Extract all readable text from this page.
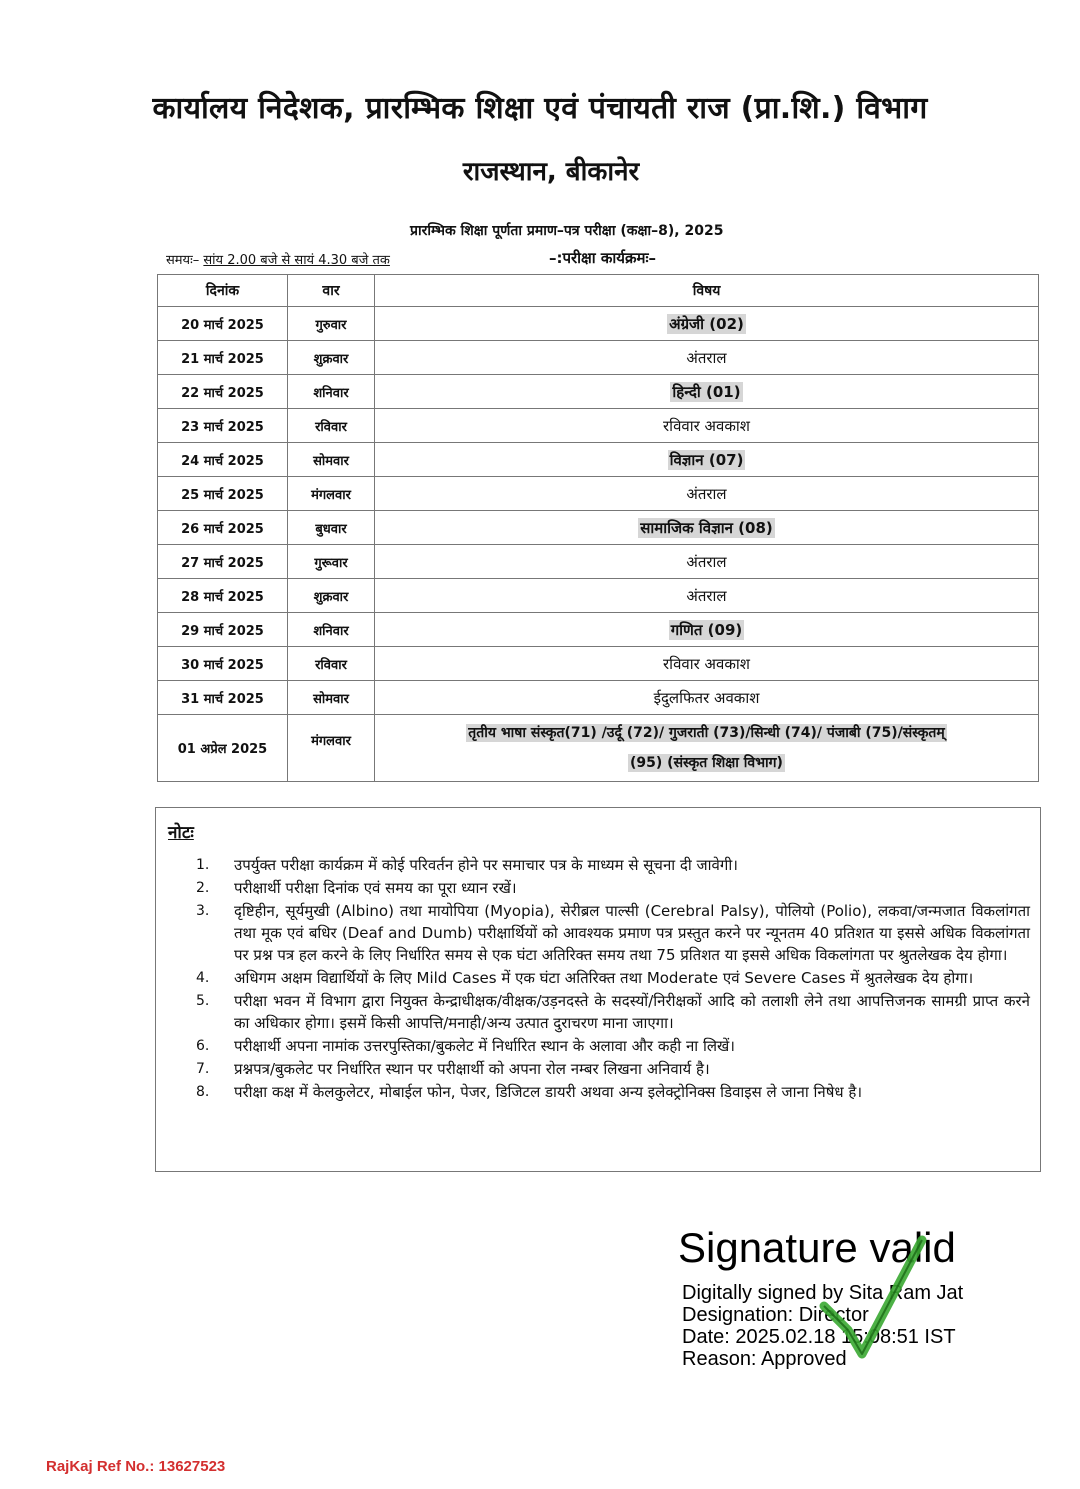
कार्यालय निदेशक, प्रारम्भिक शिक्षा एवं पंचायती राज (प्रा.शि.) विभाग
राजस्थान, बीकानेर
प्रारम्भिक शिक्षा पूर्णता प्रमाण–पत्र परीक्षा (कक्षा–8), 2025
समयः– सांय 2.00 बजे से सायं 4.30 बजे तक	–:परीक्षा कार्यक्रमः–
दिनांक	वार	विषय
20 मार्च 2025	गुरुवार	अंग्रेजी (02)
21 मार्च 2025	शुक्रवार	अंतराल
22 मार्च 2025	शनिवार	हिन्दी (01)
23 मार्च 2025	रविवार	रविवार अवकाश
24 मार्च 2025	सोमवार	विज्ञान (07)
25 मार्च 2025	मंगलवार	अंतराल
26 मार्च 2025	बुधवार	सामाजिक विज्ञान (08)
27 मार्च 2025	गुरूवार	अंतराल
28 मार्च 2025	शुक्रवार	अंतराल
29 मार्च 2025	शनिवार	गणित (09)
30 मार्च 2025	रविवार	रविवार अवकाश
31 मार्च 2025	सोमवार	ईदुलफितर अवकाश
01 अप्रेल 2025	मंगलवार	तृतीय भाषा संस्कृत(71) /उर्दू (72)/ गुजराती (73)/सिन्धी (74)/ पंजाबी (75)/संस्कृतम्
(95) (संस्कृत शिक्षा विभाग)
नोटः
1.	उपर्युक्त परीक्षा कार्यक्रम में कोई परिवर्तन होने पर समाचार पत्र के माध्यम से सूचना दी जावेगी।
2.	परीक्षार्थी परीक्षा दिनांक एवं समय का पूरा ध्यान रखें।
3.	दृष्टिहीन, सूर्यमुखी (Albino) तथा मायोपिया (Myopia), सेरीब्रल पाल्सी (Cerebral Palsy), पोलियो (Polio), लकवा/जन्मजात विकलांगता तथा मूक एवं बधिर (Deaf and Dumb) परीक्षार्थियों को आवश्यक प्रमाण पत्र प्रस्तुत करने पर न्यूनतम 40 प्रतिशत या इससे अधिक विकलांगता पर प्रश्न पत्र हल करने के लिए निर्धारित समय से एक घंटा अतिरिक्त समय तथा 75 प्रतिशत या इससे अधिक विकलांगता पर श्रुतलेखक देय होगा।
4.	अधिगम अक्षम विद्यार्थियों के लिए Mild Cases में एक घंटा अतिरिक्त तथा Moderate एवं Severe Cases में श्रुतलेखक देय होगा।
5.	परीक्षा भवन में विभाग द्वारा नियुक्त केन्द्राधीक्षक/वीक्षक/उड़नदस्ते के सदस्यों/निरीक्षकों आदि को तलाशी लेने तथा आपत्तिजनक सामग्री प्राप्त करने का अधिकार होगा। इसमें किसी आपत्ति/मनाही/अन्य उत्पात दुराचरण माना जाएगा।
6.	परीक्षार्थी अपना नामांक उत्तरपुस्तिका/बुकलेट में निर्धारित स्थान के अलावा और कही ना लिखें।
7.	प्रश्नपत्र/बुकलेट पर निर्धारित स्थान पर परीक्षार्थी को अपना रोल नम्बर लिखना अनिवार्य है।
8.	परीक्षा कक्ष में केलकुलेटर, मोबाईल फोन, पेजर, डिजिटल डायरी अथवा अन्य इलेक्ट्रोनिक्स डिवाइस ले जाना निषेध है।
Signature valid
Digitally signed by Sita Ram Jat
Designation: Director
Date: 2025.02.18 15:08:51 IST
Reason: Approved
RajKaj Ref No.: 13627523
